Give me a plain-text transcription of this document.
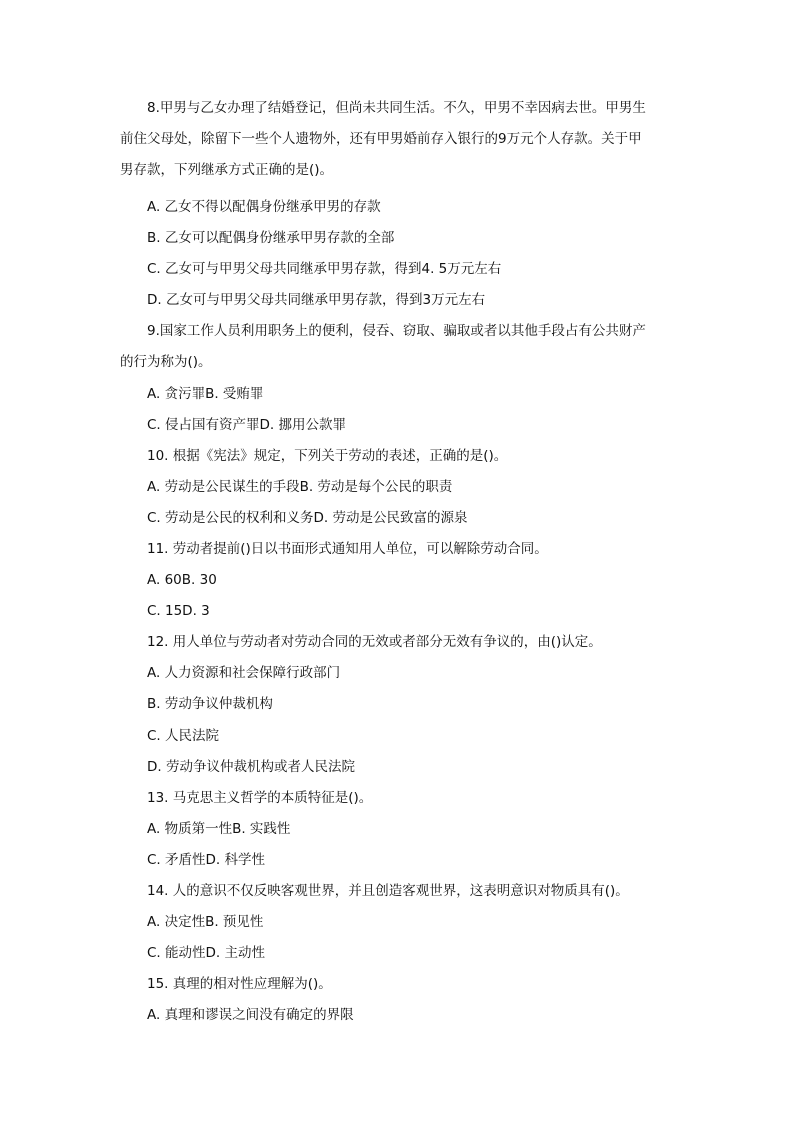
8.甲男与乙女办理了结婚登记，但尚未共同生活。不久，甲男不幸因病去世。甲男生
前住父母处，除留下一些个人遗物外，还有甲男婚前存入银行的9万元个人存款。关于甲
男存款，下列继承方式正确的是()。
A. 乙女不得以配偶身份继承甲男的存款
B. 乙女可以配偶身份继承甲男存款的全部
C. 乙女可与甲男父母共同继承甲男存款，得到4. 5万元左右
D. 乙女可与甲男父母共同继承甲男存款，得到3万元左右
9.国家工作人员利用职务上的便利，侵吞、窃取、骗取或者以其他手段占有公共财产
的行为称为()。
A. 贪污罪B. 受贿罪
C. 侵占国有资产罪D. 挪用公款罪
10. 根据《宪法》规定，下列关于劳动的表述，正确的是()。
A. 劳动是公民谋生的手段B. 劳动是每个公民的职责
C. 劳动是公民的权利和义务D. 劳动是公民致富的源泉
11. 劳动者提前()日以书面形式通知用人单位，可以解除劳动合同。
A. 60B. 30
C. 15D. 3
12. 用人单位与劳动者对劳动合同的无效或者部分无效有争议的，由()认定。
A. 人力资源和社会保障行政部门
B. 劳动争议仲裁机构
C. 人民法院
D. 劳动争议仲裁机构或者人民法院
13. 马克思主义哲学的本质特征是()。
A. 物质第一性B. 实践性
C. 矛盾性D. 科学性
14. 人的意识不仅反映客观世界，并且创造客观世界，这表明意识对物质具有()。
A. 决定性B. 预见性
C. 能动性D. 主动性
15. 真理的相对性应理解为()。
A. 真理和谬误之间没有确定的界限
